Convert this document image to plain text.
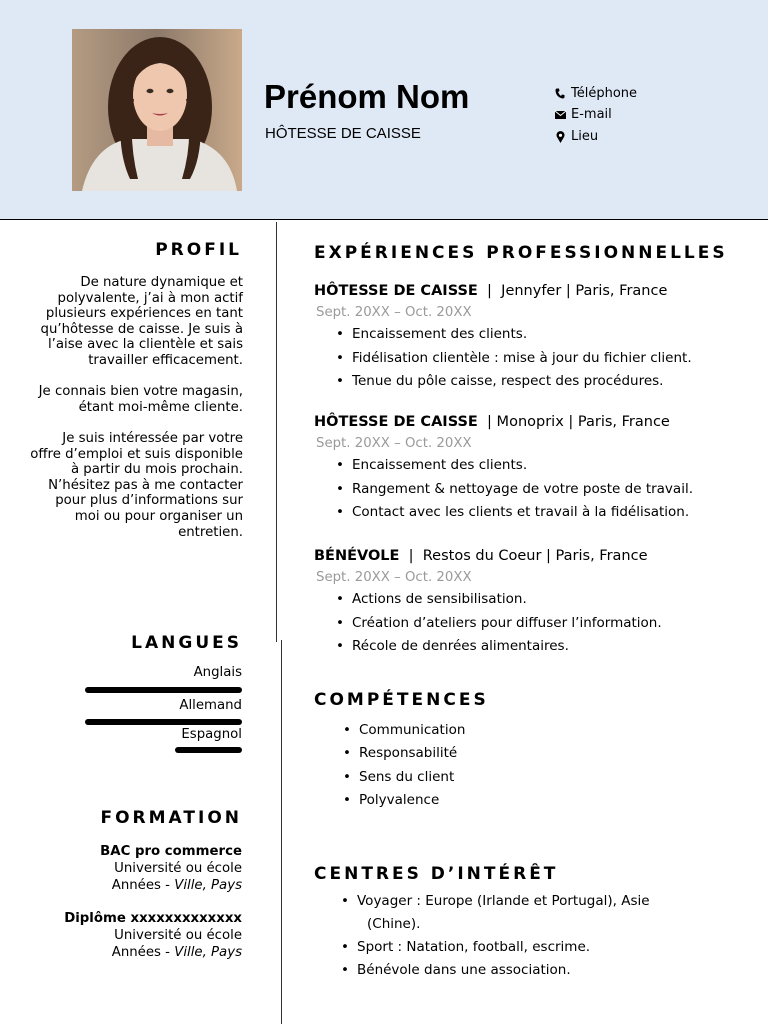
Prénom Nom
HÔTESSE DE CAISSE
Téléphone
E-mail
Lieu
PROFIL

De nature dynamique et polyvalente, j’ai à mon actif plusieurs expériences en tant qu’hôtesse de caisse. Je suis à l’aise avec la clientèle et sais travailler efficacement.

Je connais bien votre magasin, étant moi-même cliente.

Je suis intéressée par votre offre d’emploi et suis disponible à partir du mois prochain. N’hésitez pas à me contacter pour plus d’informations sur moi ou pour organiser un entretien.

LANGUES
Anglais
Allemand
Espagnol
FORMATION
BAC pro commerce
Université ou école
Années - Ville, Pays
Diplôme xxxxxxxxxxxxx
Université ou école
Années - Ville, Pays
EXPÉRIENCES PROFESSIONNELLES
HÔTESSE DE CAISSE  |  Jennyfer | Paris, France
Sept. 20XX – Oct. 20XX
• Encaissement des clients.
• Fidélisation clientèle : mise à jour du fichier client.
• Tenue du pôle caisse, respect des procédures.
HÔTESSE DE CAISSE  | Monoprix | Paris, France
Sept. 20XX – Oct. 20XX
• Encaissement des clients.
• Rangement & nettoyage de votre poste de travail.
• Contact avec les clients et travail à la fidélisation.
BÉNÉVOLE  |  Restos du Coeur | Paris, France
Sept. 20XX – Oct. 20XX
• Actions de sensibilisation.
• Création d’ateliers pour diffuser l’information.
• Récole de denrées alimentaires.
COMPÉTENCES
• Communication
• Responsabilité
• Sens du client
• Polyvalence
CENTRES D’INTÉRÊT
• Voyager : Europe (Irlande et Portugal), Asie
(Chine).
• Sport : Natation, football, escrime.
• Bénévole dans une association.
